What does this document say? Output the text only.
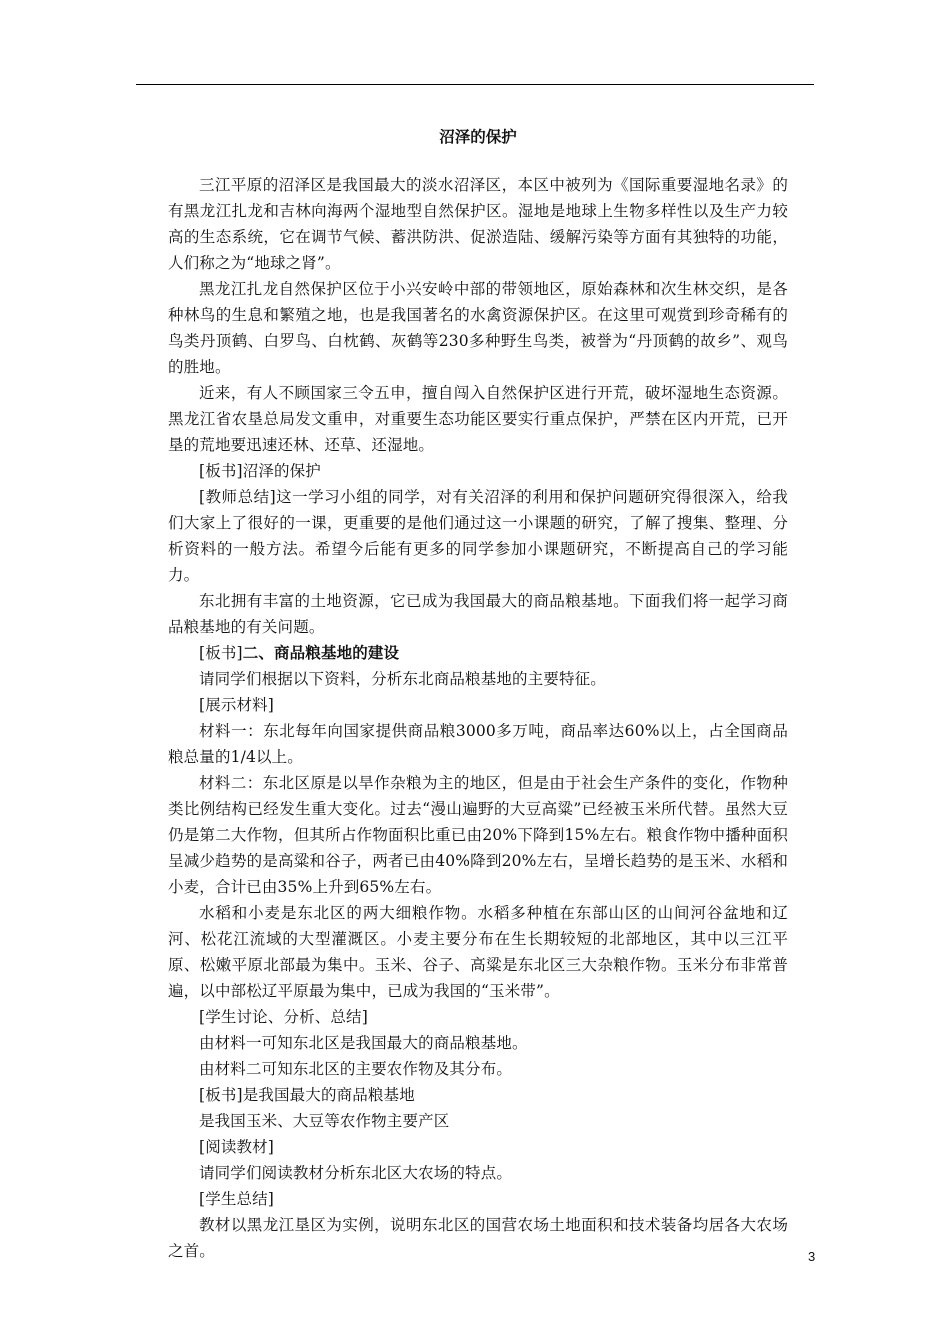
沼泽的保护

三江平原的沼泽区是我国最大的淡水沼泽区，本区中被列为《国际重要湿地名录》的有黑龙江扎龙和吉林向海两个湿地型自然保护区。湿地是地球上生物多样性以及生产力较高的生态系统，它在调节气候、蓄洪防洪、促淤造陆、缓解污染等方面有其独特的功能，人们称之为“地球之肾”。

黑龙江扎龙自然保护区位于小兴安岭中部的带领地区，原始森林和次生林交织，是各种林鸟的生息和繁殖之地，也是我国著名的水禽资源保护区。在这里可观赏到珍奇稀有的鸟类丹顶鹤、白罗鸟、白枕鹤、灰鹤等230多种野生鸟类，被誉为“丹顶鹤的故乡”、观鸟的胜地。

近来，有人不顾国家三令五申，擅自闯入自然保护区进行开荒，破坏湿地生态资源。黑龙江省农垦总局发文重申，对重要生态功能区要实行重点保护，严禁在区内开荒，已开垦的荒地要迅速还林、还草、还湿地。

[板书]沼泽的保护

[教师总结]这一学习小组的同学，对有关沼泽的利用和保护问题研究得很深入，给我们大家上了很好的一课，更重要的是他们通过这一小课题的研究，了解了搜集、整理、分析资料的一般方法。希望今后能有更多的同学参加小课题研究，不断提高自己的学习能力。

东北拥有丰富的土地资源，它已成为我国最大的商品粮基地。下面我们将一起学习商品粮基地的有关问题。

[板书]二、商品粮基地的建设

请同学们根据以下资料，分析东北商品粮基地的主要特征。

[展示材料]

材料一：东北每年向国家提供商品粮3000多万吨，商品率达60%以上，占全国商品粮总量的1/4以上。

材料二：东北区原是以旱作杂粮为主的地区，但是由于社会生产条件的变化，作物种类比例结构已经发生重大变化。过去“漫山遍野的大豆高粱”已经被玉米所代替。虽然大豆仍是第二大作物，但其所占作物面积比重已由20%下降到15%左右。粮食作物中播种面积呈减少趋势的是高粱和谷子，两者已由40%降到20%左右，呈增长趋势的是玉米、水稻和小麦，合计已由35%上升到65%左右。

水稻和小麦是东北区的两大细粮作物。水稻多种植在东部山区的山间河谷盆地和辽河、松花江流域的大型灌溉区。小麦主要分布在生长期较短的北部地区，其中以三江平原、松嫩平原北部最为集中。玉米、谷子、高粱是东北区三大杂粮作物。玉米分布非常普遍，以中部松辽平原最为集中，已成为我国的“玉米带”。

[学生讨论、分析、总结]

由材料一可知东北区是我国最大的商品粮基地。

由材料二可知东北区的主要农作物及其分布。

[板书]是我国最大的商品粮基地

是我国玉米、大豆等农作物主要产区

[阅读教材]

请同学们阅读教材分析东北区大农场的特点。

[学生总结]

教材以黑龙江垦区为实例，说明东北区的国营农场土地面积和技术装备均居各大农场之首。	3
